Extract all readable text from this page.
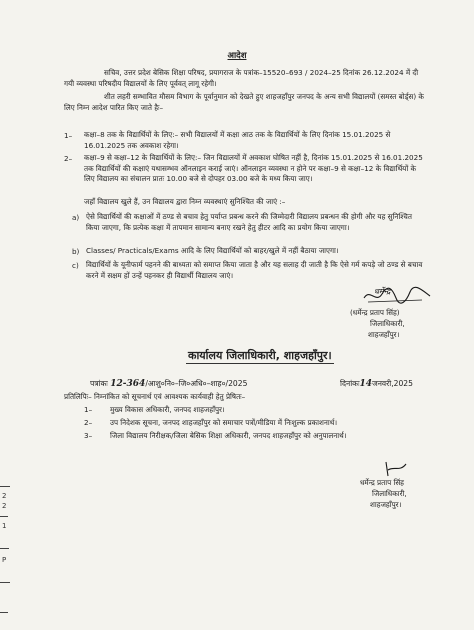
आदेश
सचिव, उत्तर प्रदेश बेसिक शिक्षा परिषद, प्रयागराज के पत्रांक–15520–693 / 2024–25 दिनांक 26.12.2024 में दी गयी व्यवस्था परिषदीय विद्यालयों के लिए पूर्ववत् लागू रहेगी।
शीत लहरी सम्भावित मौसम विभाग के पूर्वानुमान को देखते हुए शाहजहाँपुर जनपद के अन्य सभी विद्यालयों (समस्त बोर्ड्स) के लिए निम्न आदेश पारित किए जाते हैः–
1– कक्षा–8 तक के विद्यार्थियों के लिए:– सभी विद्यालयों में कक्षा आठ तक के विद्यार्थियों के लिए दिनांक 15.01.2025 से 16.01.2025 तक अवकाश रहेगा।
2– कक्षा–9 से कक्षा–12 के विद्यार्थियों के लिए:– जिन विद्यालयों में अवकाश घोषित नहीं है, दिनांक 15.01.2025 से 16.01.2025 तक विद्यार्थियों की कक्षाएं यथासम्भव ऑनलाइन कराई जाएं। ऑनलाइन व्यवस्था न होने पर कक्षा–9 से कक्षा–12 के विद्यार्थियों के लिए विद्यालय का संचालन प्रातः 10.00 बजे से दोपहर 03.00 बजे के मध्य किया जाए।
जहाँ विद्यालय खुले हैं, उन विद्यालय द्वारा निम्न व्यवस्थाएं सुनिश्चित की जाएं :–
a) ऐसे विद्यार्थियों की कक्षाओं में ठण्ड से बचाव हेतु पर्याप्त प्रबन्ध करने की जिम्मेदारी विद्यालय प्रबन्धन की होगी और यह सुनिश्चित किया जाएगा, कि प्रत्येक कक्षा में तापमान सामान्य बनाए रखने हेतु हीटर आदि का प्रयोग किया जाएगा।
b) Classes/ Practicals/Exams आदि के लिए विद्यार्थियों को बाहर/खुले में नहीं बैठाया जाएगा।
c) विद्यार्थियों के यूनीफार्म पहनने की बाध्यता को समाप्त किया जाता है और यह सलाह दी जाती है कि ऐसे गर्म कपड़े जो ठण्ड से बचाव करने में सक्षम हों उन्हें पहनकर ही विद्यार्थी विद्यालय जाएं।
धर्मेन्द्र
(धर्मेन्द्र प्रताप सिंह)
जिलाधिकारी,
शाहजहाँपुर।
कार्यालय जिलाधिकारी, शाहजहाँपुर।
पत्रांकः 12-364/आशु०नि०–जि०अधि०–शाह०/2025	दिनांकः14जनवरी,2025
प्रतिलिपिः– निम्नांकित को सूचनार्थ एवं आवश्यक कार्यवाही हेतु प्रेषितः–
1– मुख्य विकास अधिकारी, जनपद शाहजहाँपुर।
2– उप निदेशक सूचना, जनपद शाहजहाँपुर को समाचार पत्रों/मीडिया में निःशुल्क प्रकाशनार्थ।
3– जिला विद्यालय निरीक्षक/जिला बेसिक शिक्षा अधिकारी, जनपद शाहजहाँपुर को अनुपालनार्थ।
धर्मेन्द्र प्रताप सिंह
जिलाधिकारी,
शाहजहाँपुर।
2
2
1
P
